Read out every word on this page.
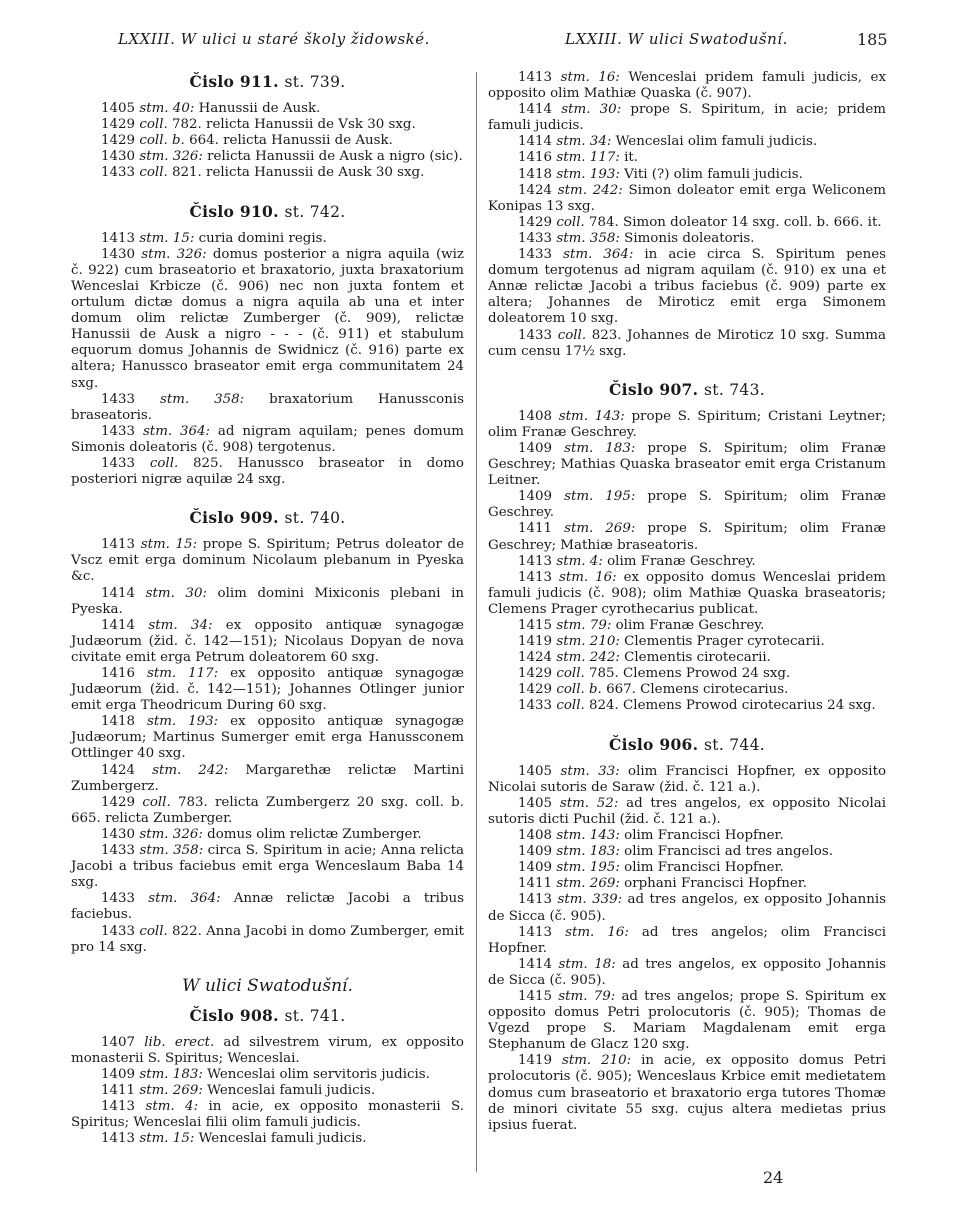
LXXIII. W ulici u staré školy židowské.	LXXIII. W ulici Swatodušní.	185
Čislo 911. st. 739.

1405 stm. 40: Hanussii de Ausk.

1429 coll. 782. relicta Hanussii de Vsk 30 sxg.

1429 coll. b. 664. relicta Hanussii de Ausk.

1430 stm. 326: relicta Hanussii de Ausk a nigro (sic).

1433 coll. 821. relicta Hanussii de Ausk 30 sxg.

Čislo 910. st. 742.

1413 stm. 15: curia domini regis.

1430 stm. 326: domus posterior a nigra aquila (wiz č. 922) cum braseatorio et braxatorio, juxta braxatorium Wenceslai Krbicze (č. 906) nec non juxta fontem et ortulum dictæ domus a nigra aquila ab una et inter domum olim relictæ Zumberger (č. 909), relictæ Hanussii de Ausk a nigro - - - (č. 911) et stabulum equorum domus Johannis de Swidnicz (č. 916) parte ex altera; Hanussco braseator emit erga communitatem 24 sxg.

1433 stm. 358: braxatorium Hanussconis braseatoris.

1433 stm. 364: ad nigram aquilam; penes domum Simonis doleatoris (č. 908) tergotenus.

1433 coll. 825. Hanussco braseator in domo posteriori nigræ aquilæ 24 sxg.

Čislo 909. st. 740.

1413 stm. 15: prope S. Spiritum; Petrus doleator de Vscz emit erga dominum Nicolaum plebanum in Pyeska &c.

1414 stm. 30: olim domini Mixiconis plebani in Pyeska.

1414 stm. 34: ex opposito antiquæ synagogæ Judæorum (žid. č. 142—151); Nicolaus Dopyan de nova civitate emit erga Petrum doleatorem 60 sxg.

1416 stm. 117: ex opposito antiquæ synagogæ Judæorum (žid. č. 142—151); Johannes Otlinger junior emit erga Theodricum During 60 sxg.

1418 stm. 193: ex opposito antiquæ synagogæ Judæorum; Martinus Sumerger emit erga Hanussconem Ottlinger 40 sxg.

1424 stm. 242: Margarethæ relictæ Martini Zumbergerz.

1429 coll. 783. relicta Zumbergerz 20 sxg. coll. b. 665. relicta Zumberger.

1430 stm. 326: domus olim relictæ Zumberger.

1433 stm. 358: circa S. Spiritum in acie; Anna relicta Jacobi a tribus faciebus emit erga Wenceslaum Baba 14 sxg.

1433 stm. 364: Annæ relictæ Jacobi a tribus faciebus.

1433 coll. 822. Anna Jacobi in domo Zumberger, emit pro 14 sxg.

W ulici Swatodušní.
Čislo 908. st. 741.

1407 lib. erect. ad silvestrem virum, ex opposito monasterii S. Spiritus; Wenceslai.

1409 stm. 183: Wenceslai olim servitoris judicis.

1411 stm. 269: Wenceslai famuli judicis.

1413 stm. 4: in acie, ex opposito monasterii S. Spiritus; Wenceslai filii olim famuli judicis.

1413 stm. 15: Wenceslai famuli judicis.

1413 stm. 16: Wenceslai pridem famuli judicis, ex opposito olim Mathiæ Quaska (č. 907).

1414 stm. 30: prope S. Spiritum, in acie; pridem famuli judicis.

1414 stm. 34: Wenceslai olim famuli judicis.

1416 stm. 117: it.

1418 stm. 193: Viti (?) olim famuli judicis.

1424 stm. 242: Simon doleator emit erga Weliconem Konipas 13 sxg.

1429 coll. 784. Simon doleator 14 sxg. coll. b. 666. it.

1433 stm. 358: Simonis doleatoris.

1433 stm. 364: in acie circa S. Spiritum penes domum tergotenus ad nigram aquilam (č. 910) ex una et Annæ relictæ Jacobi a tribus faciebus (č. 909) parte ex altera; Johannes de Miroticz emit erga Simonem doleatorem 10 sxg.

1433 coll. 823. Johannes de Miroticz 10 sxg. Summa cum censu 17½ sxg.

Čislo 907. st. 743.

1408 stm. 143: prope S. Spiritum; Cristani Leytner; olim Franæ Geschrey.

1409 stm. 183: prope S. Spiritum; olim Franæ Geschrey; Mathias Quaska braseator emit erga Cristanum Leitner.

1409 stm. 195: prope S. Spiritum; olim Franæ Geschrey.

1411 stm. 269: prope S. Spiritum; olim Franæ Geschrey; Mathiæ braseatoris.

1413 stm. 4: olim Franæ Geschrey.

1413 stm. 16: ex opposito domus Wenceslai pridem famuli judicis (č. 908); olim Mathiæ Quaska braseatoris; Clemens Prager cyrothecarius publicat.

1415 stm. 79: olim Franæ Geschrey.

1419 stm. 210: Clementis Prager cyrotecarii.

1424 stm. 242: Clementis cirotecarii.

1429 coll. 785. Clemens Prowod 24 sxg.

1429 coll. b. 667. Clemens cirotecarius.

1433 coll. 824. Clemens Prowod cirotecarius 24 sxg.

Čislo 906. st. 744.

1405 stm. 33: olim Francisci Hopfner, ex opposito Nicolai sutoris de Saraw (žid. č. 121 a.).

1405 stm. 52: ad tres angelos, ex opposito Nicolai sutoris dicti Puchil (žid. č. 121 a.).

1408 stm. 143: olim Francisci Hopfner.

1409 stm. 183: olim Francisci ad tres angelos.

1409 stm. 195: olim Francisci Hopfner.

1411 stm. 269: orphani Francisci Hopfner.

1413 stm. 339: ad tres angelos, ex opposito Johannis de Sicca (č. 905).

1413 stm. 16: ad tres angelos; olim Francisci Hopfner.

1414 stm. 18: ad tres angelos, ex opposito Johannis de Sicca (č. 905).

1415 stm. 79: ad tres angelos; prope S. Spiritum ex opposito domus Petri prolocutoris (č. 905); Thomas de Vgezd prope S. Mariam Magdalenam emit erga Stephanum de Glacz 120 sxg.

1419 stm. 210: in acie, ex opposito domus Petri prolocutoris (č. 905); Wenceslaus Krbice emit medietatem domus cum braseatorio et braxatorio erga tutores Thomæ de minori civitate 55 sxg. cujus altera medietas prius ipsius fuerat.

24
